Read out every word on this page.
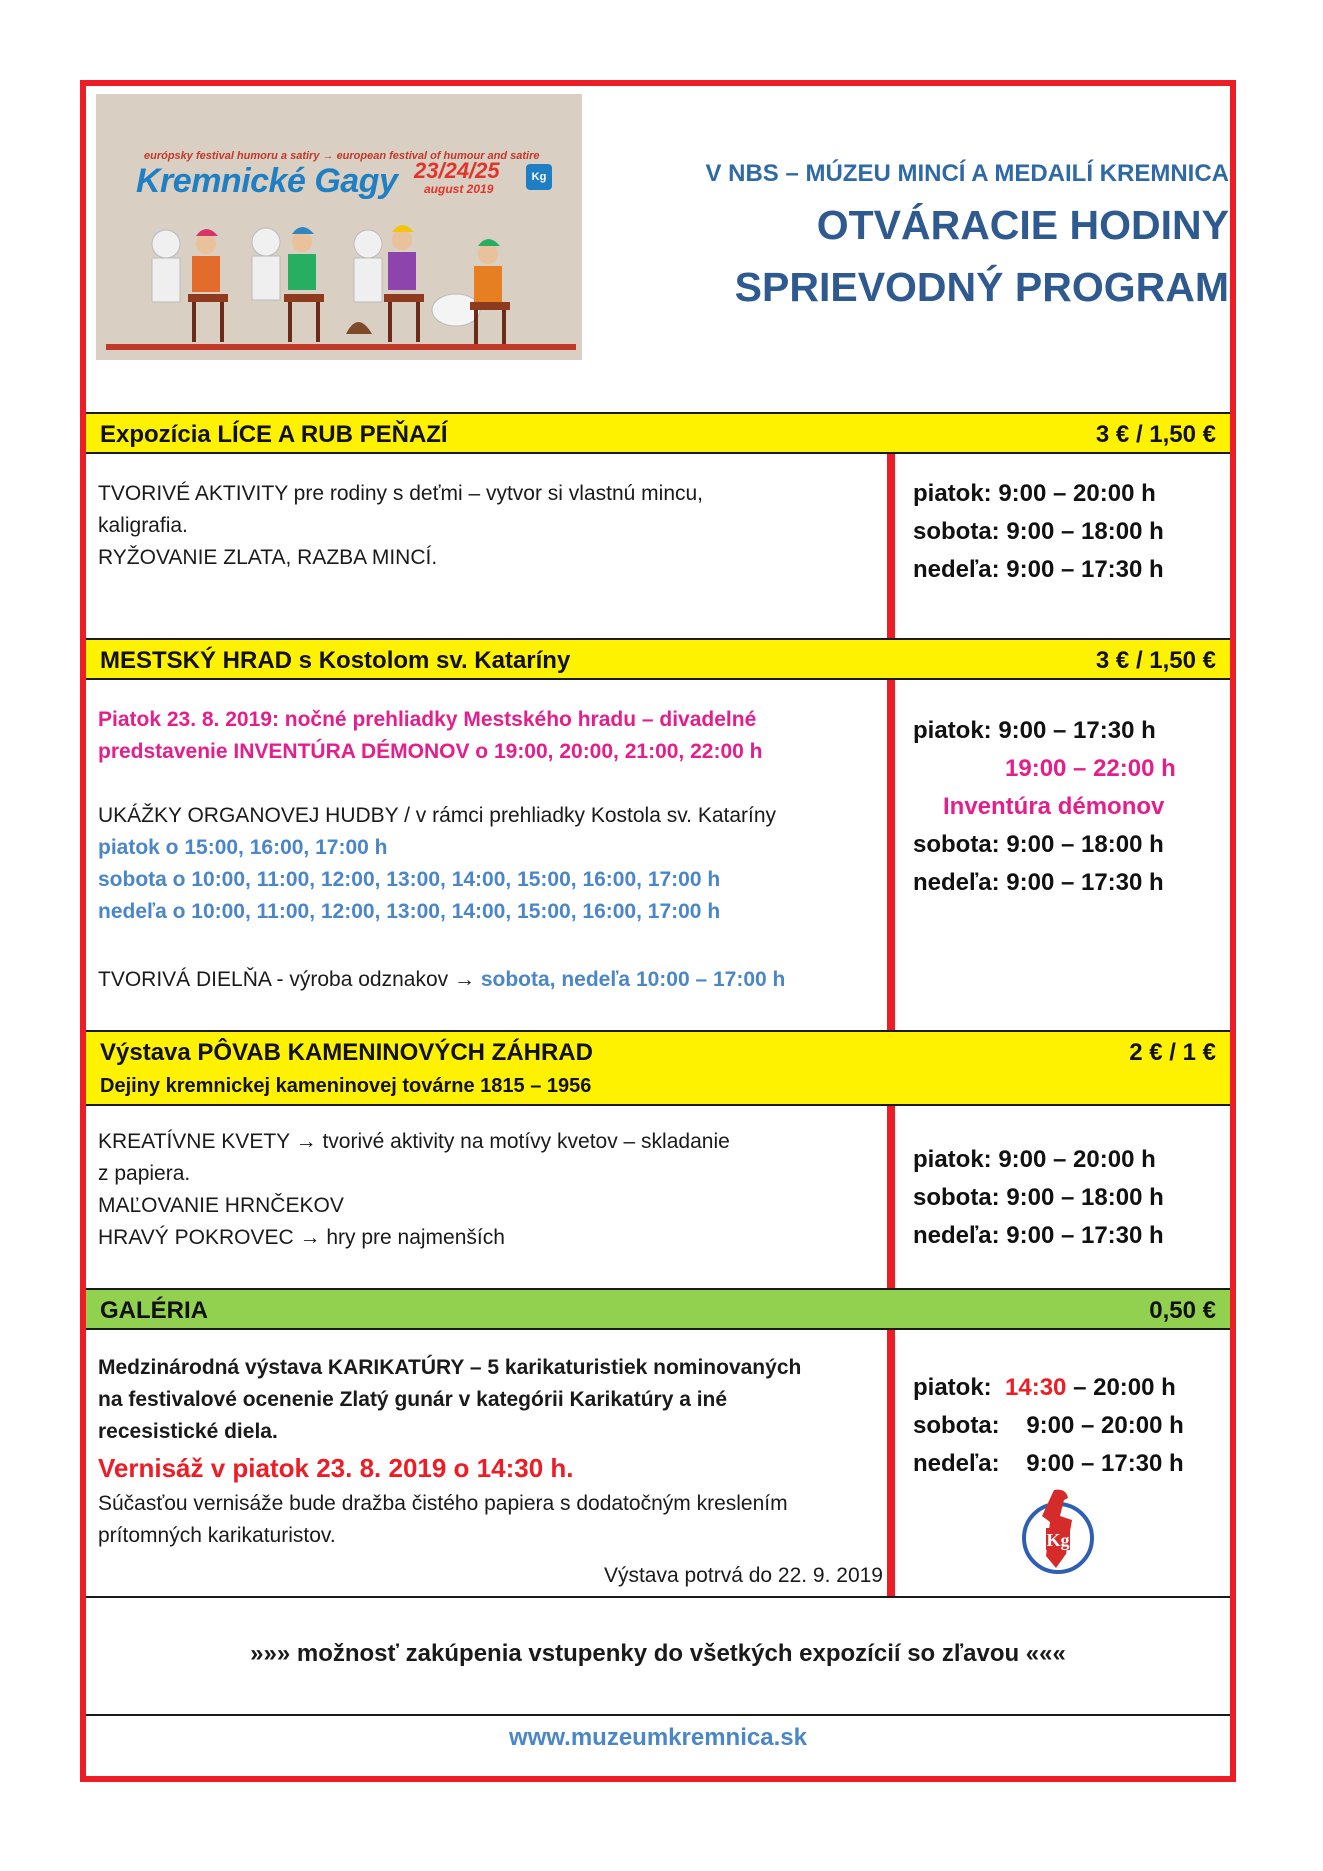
európsky festival humoru a satiry → european festival of humour and satire
Kremnické Gagy 23/24/25
august 2019
Kg	V NBS – MÚZEU MINCÍ A MEDAILÍ KREMNICA
OTVÁRACIE HODINY
SPRIEVODNÝ PROGRAM
Expozícia LÍCE A RUB PEŇAZÍ	3 € / 1,50 €
TVORIVÉ AKTIVITY pre rodiny s deťmi – vytvor si vlastnú mincu,
kaligrafia.
RYŽOVANIE ZLATA, RAZBA MINCÍ.
piatok: 9:00 – 20:00 h
sobota: 9:00 – 18:00 h
nedeľa: 9:00 – 17:30 h
MESTSKÝ HRAD s Kostolom sv. Kataríny	3 € / 1,50 €
Piatok 23. 8. 2019: nočné prehliadky Mestského hradu – divadelné
predstavenie INVENTÚRA DÉMONOV o 19:00, 20:00, 21:00, 22:00 h
UKÁŽKY ORGANOVEJ HUDBY / v rámci prehliadky Kostola sv. Kataríny
piatok o 15:00, 16:00, 17:00 h
sobota o 10:00, 11:00, 12:00, 13:00, 14:00, 15:00, 16:00, 17:00 h
nedeľa o 10:00, 11:00, 12:00, 13:00, 14:00, 15:00, 16:00, 17:00 h
TVORIVÁ DIELŇA - výroba odznakov → sobota, nedeľa 10:00 – 17:00 h
piatok: 9:00 – 17:30 h
19:00 – 22:00 h
Inventúra démonov
sobota: 9:00 – 18:00 h
nedeľa: 9:00 – 17:30 h
Výstava PÔVAB KAMENINOVÝCH ZÁHRAD
Dejiny kremnickej kameninovej továrne 1815 – 1956
2 € / 1 €
KREATÍVNE KVETY → tvorivé aktivity na motívy kvetov – skladanie
z papiera.
MAĽOVANIE HRNČEKOV
HRAVÝ POKROVEC → hry pre najmenších
piatok: 9:00 – 20:00 h
sobota: 9:00 – 18:00 h
nedeľa: 9:00 – 17:30 h
GALÉRIA	0,50 €
Medzinárodná výstava KARIKATÚRY – 5 karikaturistiek nominovaných
na festivalové ocenenie Zlatý gunár v kategórii Karikatúry a iné
recesistické diela.
Vernisáž v piatok 23. 8. 2019 o 14:30 h.
Súčasťou vernisáže bude dražba čistého papiera s dodatočným kreslením
prítomných karikaturistov.
Výstava potrvá do 22. 9. 2019
piatok: 14:30 – 20:00 h
sobota:    9:00 – 20:00 h
nedeľa:    9:00 – 17:30 h
Kg
»»» možnosť zakúpenia vstupenky do všetkých expozícií so zľavou «««
www.muzeumkremnica.sk
